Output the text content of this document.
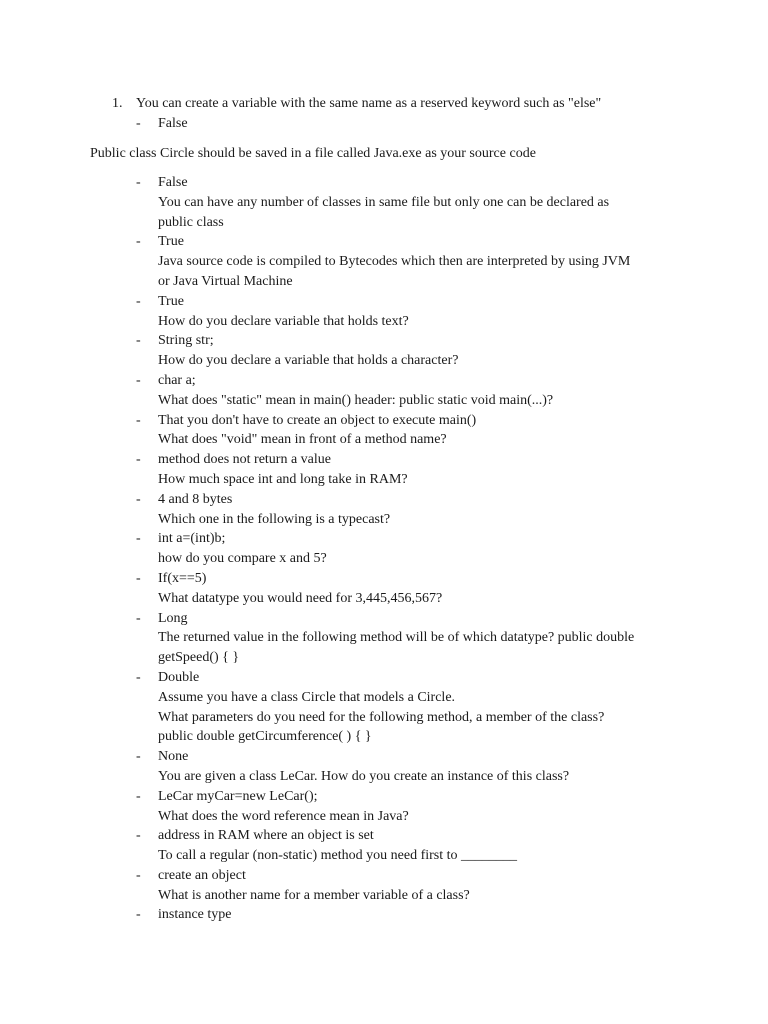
1. You can create a variable with the same name as a reserved keyword such as "else"
- False
Public class Circle should be saved in a file called Java.exe as your source code
-	False
You can have any number of classes in same file but only one can be declared as
public class
-	True
Java source code is compiled to Bytecodes which then are interpreted by using JVM
or Java Virtual Machine
-	True
How do you declare variable that holds text?
-	String str;
How do you declare a variable that holds a character?
-	char a;
What does "static" mean in main() header: public static void main(...)?
-	That you don't have to create an object to execute main()
What does "void" mean in front of a method name?
-	method does not return a value
How much space int and long take in RAM?
-	4 and 8 bytes
Which one in the following is a typecast?
-	int a=(int)b;
how do you compare x and 5?
-	If(x==5)
What datatype you would need for 3,445,456,567?
-	Long
The returned value in the following method will be of which datatype? public double
getSpeed() { }
-	Double
Assume you have a class Circle that models a Circle.
What parameters do you need for the following method, a member of the class?
public double getCircumference( ) { }
-	None
You are given a class LeCar. How do you create an instance of this class?
-	LeCar myCar=new LeCar();
What does the word reference mean in Java?
-	address in RAM where an object is set
To call a regular (non-static) method you need first to ________
-	create an object
What is another name for a member variable of a class?
-	instance type
